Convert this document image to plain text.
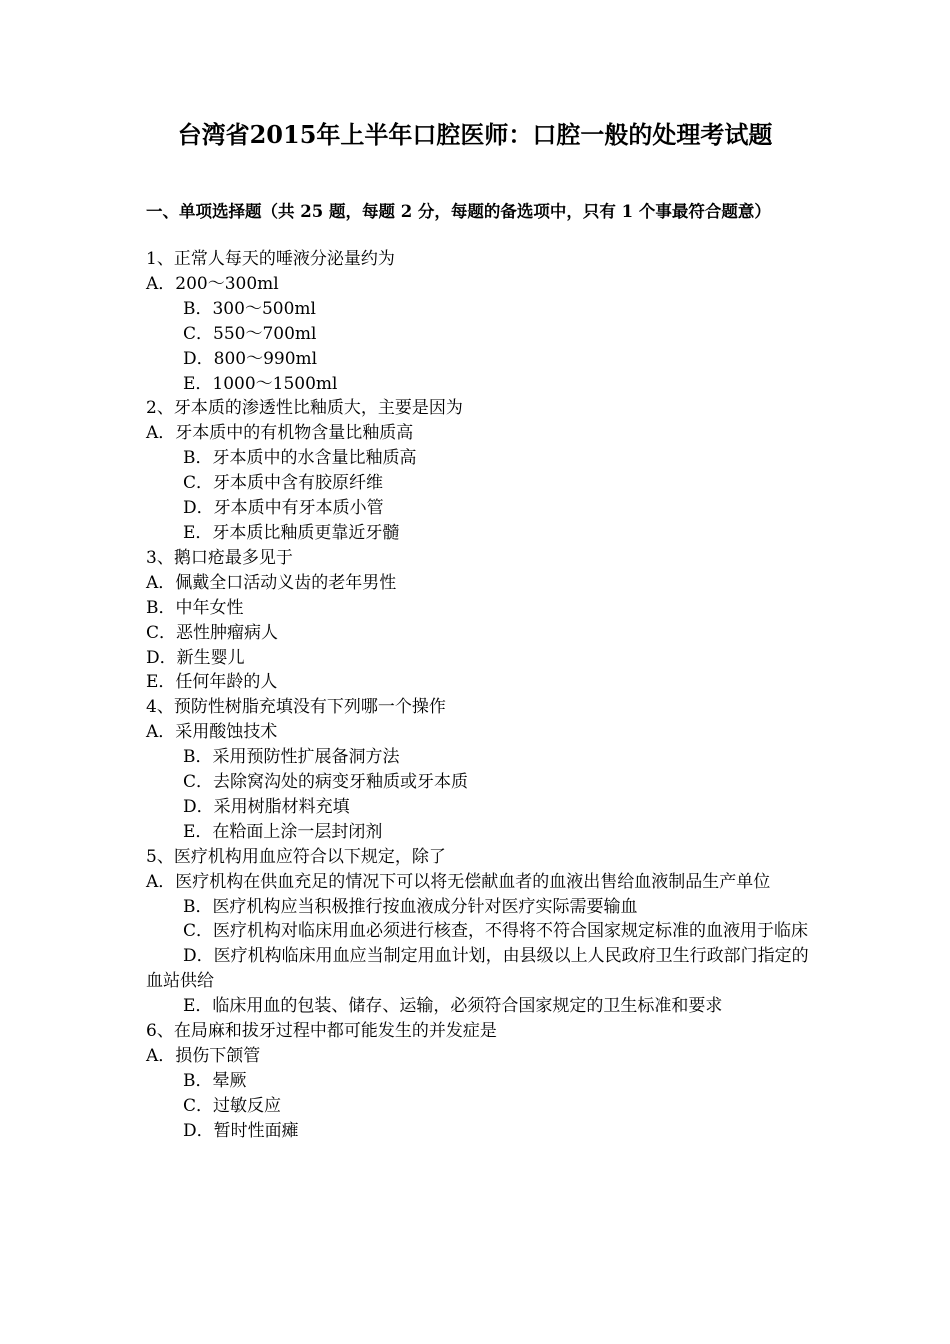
台湾省2015年上半年口腔医师：口腔一般的处理考试题
一、单项选择题（共 25 题，每题 2 分，每题的备选项中，只有 1 个事最符合题意）
1、正常人每天的唾液分泌量约为
A．200～300ml
B．300～500ml
C．550～700ml
D．800～990ml
E．1000～1500ml
2、牙本质的渗透性比釉质大，主要是因为
A．牙本质中的有机物含量比釉质高
B．牙本质中的水含量比釉质高
C．牙本质中含有胶原纤维
D．牙本质中有牙本质小管
E．牙本质比釉质更靠近牙髓
3、鹅口疮最多见于
A．佩戴全口活动义齿的老年男性
B．中年女性
C．恶性肿瘤病人
D．新生婴儿
E．任何年龄的人
4、预防性树脂充填没有下列哪一个操作
A．采用酸蚀技术
B．采用预防性扩展备洞方法
C．去除窝沟处的病变牙釉质或牙本质
D．采用树脂材料充填
E．在粭面上涂一层封闭剂
5、医疗机构用血应符合以下规定，除了
A．医疗机构在供血充足的情况下可以将无偿献血者的血液出售给血液制品生产单位
B．医疗机构应当积极推行按血液成分针对医疗实际需要输血
C．医疗机构对临床用血必须进行核查，不得将不符合国家规定标准的血液用于临床
D．医疗机构临床用血应当制定用血计划，由县级以上人民政府卫生行政部门指定的血站供给
E．临床用血的包装、储存、运输，必须符合国家规定的卫生标准和要求
6、在局麻和拔牙过程中都可能发生的并发症是
A．损伤下颌管
B．晕厥
C．过敏反应
D．暂时性面瘫
